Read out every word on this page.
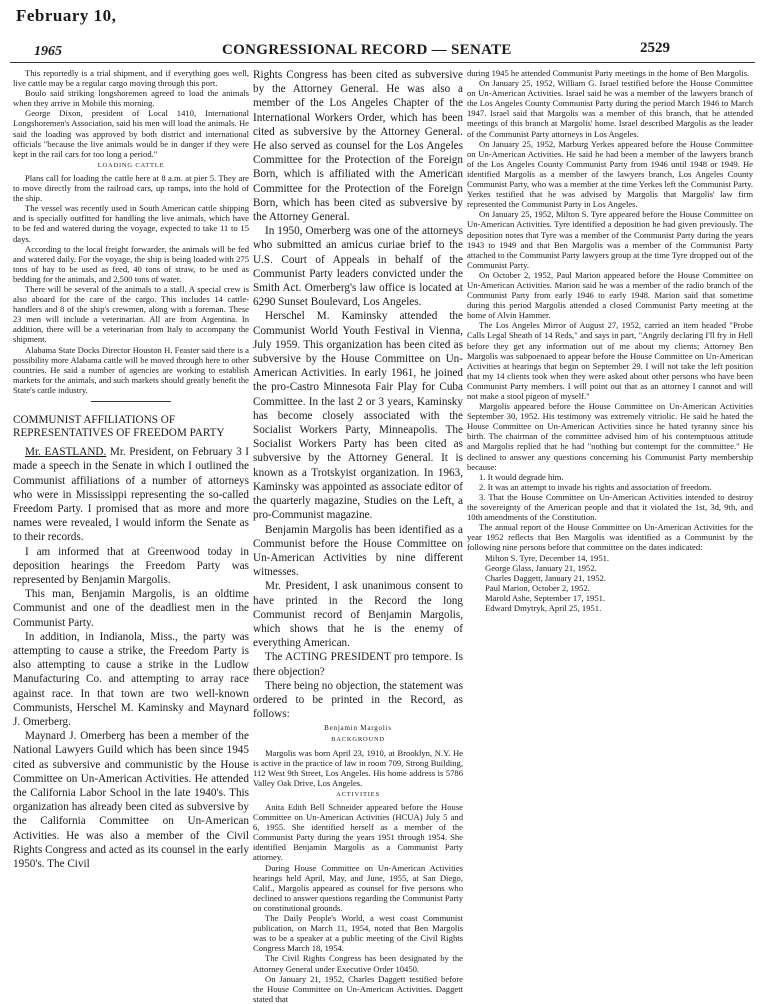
February 10,
1965	CONGRESSIONAL RECORD — SENATE	2529

This reportedly is a trial shipment, and if everything goes well, live cattle may be a regular cargo moving through this port.

Boulo said striking longshoremen agreed to load the animals when they arrive in Mobile this morning.

George Dixon, president of Local 1410, International Longshoremen's Association, said his men will load the animals. He said the loading was approved by both district and international officials "because the live animals would be in danger if they were kept in the rail cars for too long a period."

LOADING CATTLE

Plans call for loading the cattle here at 8 a.m. at pier 5. They are to move directly from the railroad cars, up ramps, into the hold of the ship.

The vessel was recently used in South American cattle shipping and is specially outfitted for handling the live animals, which have to be fed and watered during the voyage, expected to take 11 to 15 days.

According to the local freight forwarder, the animals will be fed and watered daily. For the voyage, the ship is being loaded with 275 tons of hay to be used as feed, 40 tons of straw, to be used as bedding for the animals, and 2,500 tons of water.

There will be several of the animals to a stall. A special crew is also aboard for the care of the cargo. This includes 14 cattle-handlers and 8 of the ship's crewmen, along with a foreman. These 23 men will include a veterinarian. All are from Argentina. In addition, there will be a veterinarian from Italy to accompany the shipment.

Alabama State Docks Director Houston H. Feaster said there is a possibility more Alabama cattle will be moved through here to other countries. He said a number of agencies are working to establish markets for the animals, and such markets should greatly benefit the State's cattle industry.

COMMUNIST AFFILIATIONS OF REPRESENTATIVES OF FREEDOM PARTY

Mr. EASTLAND. Mr. President, on February 3 I made a speech in the Senate in which I outlined the Communist affiliations of a number of attorneys who were in Mississippi representing the so-called Freedom Party. I promised that as more and more names were revealed, I would inform the Senate as to their records.

I am informed that at Greenwood today in deposition hearings the Freedom Party was represented by Benjamin Margolis.

This man, Benjamin Margolis, is an oldtime Communist and one of the deadliest men in the Communist Party.

In addition, in Indianola, Miss., the party was attempting to cause a strike, the Freedom Party is also attempting to cause a strike in the Ludlow Manufacturing Co. and attempting to array race against race. In that town are two well-known Communists, Herschel M. Kaminsky and Maynard J. Omerberg.

Maynard J. Omerberg has been a member of the National Lawyers Guild which has been since 1945 cited as subversive and communistic by the House Committee on Un-American Activities. He attended the California Labor School in the late 1940's. This organization has already been cited as subversive by the California Committee on Un-American Activities. He was also a member of the Civil Rights Congress and acted as its counsel in the early 1950's. The Civil

Rights Congress has been cited as subversive by the Attorney General. He was also a member of the Los Angeles Chapter of the International Workers Order, which has been cited as subversive by the Attorney General. He also served as counsel for the Los Angeles Committee for the Protection of the Foreign Born, which is affiliated with the American Committee for the Protection of the Foreign Born, which has been cited as subversive by the Attorney General.

In 1950, Omerberg was one of the attorneys who submitted an amicus curiae brief to the U.S. Court of Appeals in behalf of the Communist Party leaders convicted under the Smith Act. Omerberg's law office is located at 6290 Sunset Boulevard, Los Angeles.

Herschel M. Kaminsky attended the Communist World Youth Festival in Vienna, July 1959. This organization has been cited as subversive by the House Committee on Un-American Activities. In early 1961, he joined the pro-Castro Minnesota Fair Play for Cuba Committee. In the last 2 or 3 years, Kaminsky has become closely associated with the Socialist Workers Party, Minneapolis. The Socialist Workers Party has been cited as subversive by the Attorney General. It is known as a Trotskyist organization. In 1963, Kaminsky was appointed as associate editor of the quarterly magazine, Studies on the Left, a pro-Communist magazine.

Benjamin Margolis has been identified as a Communist before the House Committee on Un-American Activities by nine different witnesses.

Mr. President, I ask unanimous consent to have printed in the Record the long Communist record of Benjamin Margolis, which shows that he is the enemy of everything American.

The ACTING PRESIDENT pro tempore. Is there objection?

There being no objection, the statement was ordered to be printed in the Record, as follows:

Benjamin Margolis

BACKGROUND

Margolis was born April 23, 1910, at Brooklyn, N.Y. He is active in the practice of law in room 709, Strong Building, 112 West 9th Street, Los Angeles. His home address is 5786 Valley Oak Drive, Los Angeles.

ACTIVITIES

Anita Edith Bell Schneider appeared before the House Committee on Un-American Activities (HCUA) July 5 and 6, 1955. She identified herself as a member of the Communist Party during the years 1951 through 1954. She identified Benjamin Margolis as a Communist Party attorney.

During House Committee on Un-American Activities hearings held April, May, and June, 1955, at San Diego, Calif., Margolis appeared as counsel for five persons who declined to answer questions regarding the Communist Party on constitutional grounds.

The Daily People's World, a west coast Communist publication, on March 11, 1954, noted that Ben Margolis was to be a speaker at a public meeting of the Civil Rights Congress March 18, 1954.

The Civil Rights Congress has been designated by the Attorney General under Executive Order 10450.

On January 21, 1952, Charles Daggett testified before the House Committee on Un-American Activities. Daggett stated that

during 1945 he attended Communist Party meetings in the home of Ben Margolis.

On January 25, 1952, William G. Israel testified before the House Committee on Un-American Activities. Israel said he was a member of the lawyers branch of the Los Angeles County Communist Party during the period March 1946 to March 1947. Israel said that Margolis was a member of this branch, that he attended meetings of this branch at Margolis' home. Israel described Margolis as the leader of the Communist Party attorneys in Los Angeles.

On January 25, 1952, Marburg Yerkes appeared before the House Committee on Un-American Activities. He said he had been a member of the lawyers branch of the Los Angeles County Communist Party from 1946 until 1948 or 1949. He identified Margolis as a member of the lawyers branch, Los Angeles County Communist Party, who was a member at the time Yerkes left the Communist Party. Yerkes testified that he was advised by Margolis that Margolis' law firm represented the Communist Party in Los Angeles.

On January 25, 1952, Milton S. Tyre appeared before the House Committee on Un-American Activities. Tyre identified a deposition he had given previously. The deposition notes that Tyre was a member of the Communist Party during the years 1943 to 1949 and that Ben Margolis was a member of the Communist Party attached to the Communist Party lawyers group at the time Tyre dropped out of the Communist Party.

On October 2, 1952, Paul Marion appeared before the House Committee on Un-American Activities. Marion said he was a member of the radio branch of the Communist Party from early 1946 to early 1948. Marion said that sometime during this period Margolis attended a closed Communist Party meeting at the home of Alvin Hammer.

The Los Angeles Mirror of August 27, 1952, carried an item headed "Probe Calls Legal Sheath of 14 Reds," and says in part, "Angrily declaring I'll fry in Hell before they get any information out of me about my clients; Attorney Ben Margolis was subpoenaed to appear before the House Committee on Un-American Activities at hearings that begin on September 29. I will not take the left position that my 14 clients took when they were asked about other persons who have been Communist Party members. I will point out that as an attorney I cannot and will not make a stool pigeon of myself."

Margolis appeared before the House Committee on Un-American Activities September 30, 1952. His testimony was extremely vitriolic. He said he hated the House Committee on Un-American Activities since he hated tyranny since his birth. The chairman of the committee advised him of his contemptuous attitude and Margolis replied that he had "nothing but contempt for the committee." He declined to answer any questions concerning his Communist Party membership because:

1. It would degrade him.

2. It was an attempt to invade his rights and association of freedom.

3. That the House Committee on Un-American Activities intended to destroy the sovereignty of the American people and that it violated the 1st, 3d, 9th, and 10th amendments of the Constitution.

The annual report of the House Committee on Un-American Activities for the year 1952 reflects that Ben Margolis was identified as a Communist by the following nine persons before that committee on the dates indicated:

Milton S. Tyre, December 14, 1951.
George Glass, January 21, 1952.
Charles Daggett, January 21, 1952.
Paul Marion, October 2, 1952.
Marold Ashe, September 17, 1951.
Edward Dmytryk, April 25, 1951.
